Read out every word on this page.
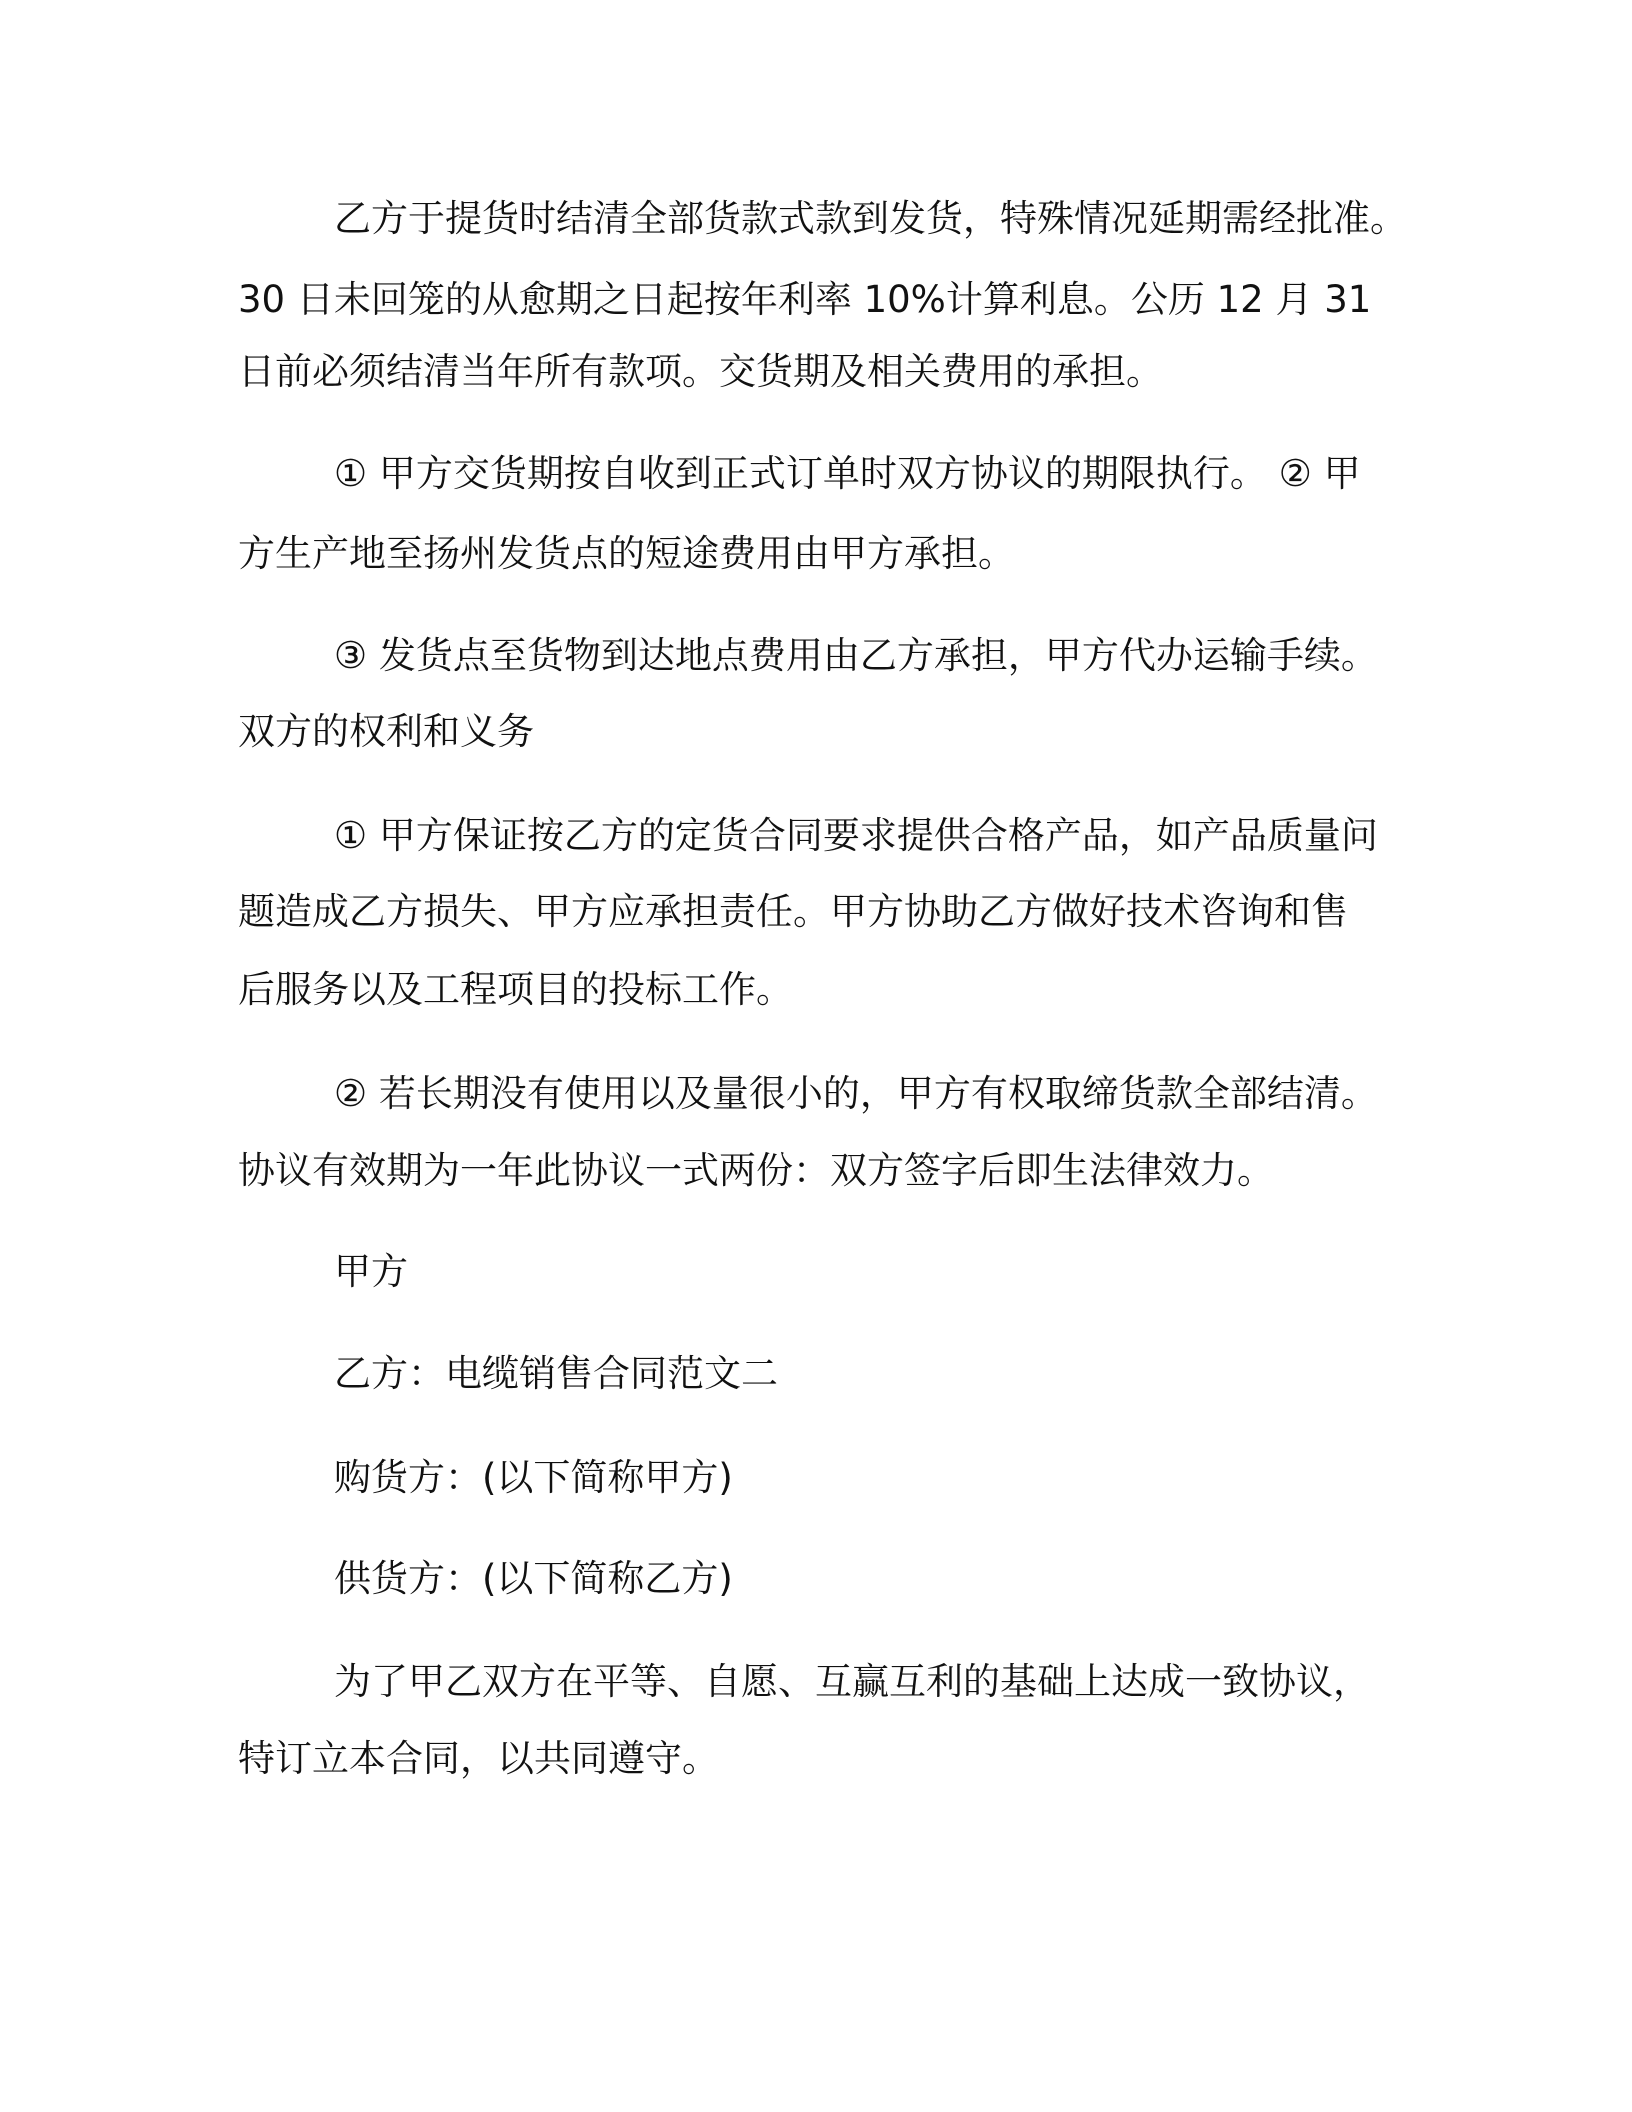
乙方于提货时结清全部货款式款到发货，特殊情况延期需经批准。
30 日未回笼的从愈期之日起按年利率 10%计算利息。公历 12 月 31
日前必须结清当年所有款项。交货期及相关费用的承担。
① 甲方交货期按自收到正式订单时双方协议的期限执行。 ② 甲
方生产地至扬州发货点的短途费用由甲方承担。
③ 发货点至货物到达地点费用由乙方承担，甲方代办运输手续。
双方的权利和义务
① 甲方保证按乙方的定货合同要求提供合格产品，如产品质量问
题造成乙方损失、甲方应承担责任。甲方协助乙方做好技术咨询和售
后服务以及工程项目的投标工作。
② 若长期没有使用以及量很小的，甲方有权取缔货款全部结清。
协议有效期为一年此协议一式两份：双方签字后即生法律效力。
甲方
乙方：电缆销售合同范文二
购货方：(以下简称甲方)
供货方：(以下简称乙方)
为了甲乙双方在平等、自愿、互赢互利的基础上达成一致协议，
特订立本合同，以共同遵守。
